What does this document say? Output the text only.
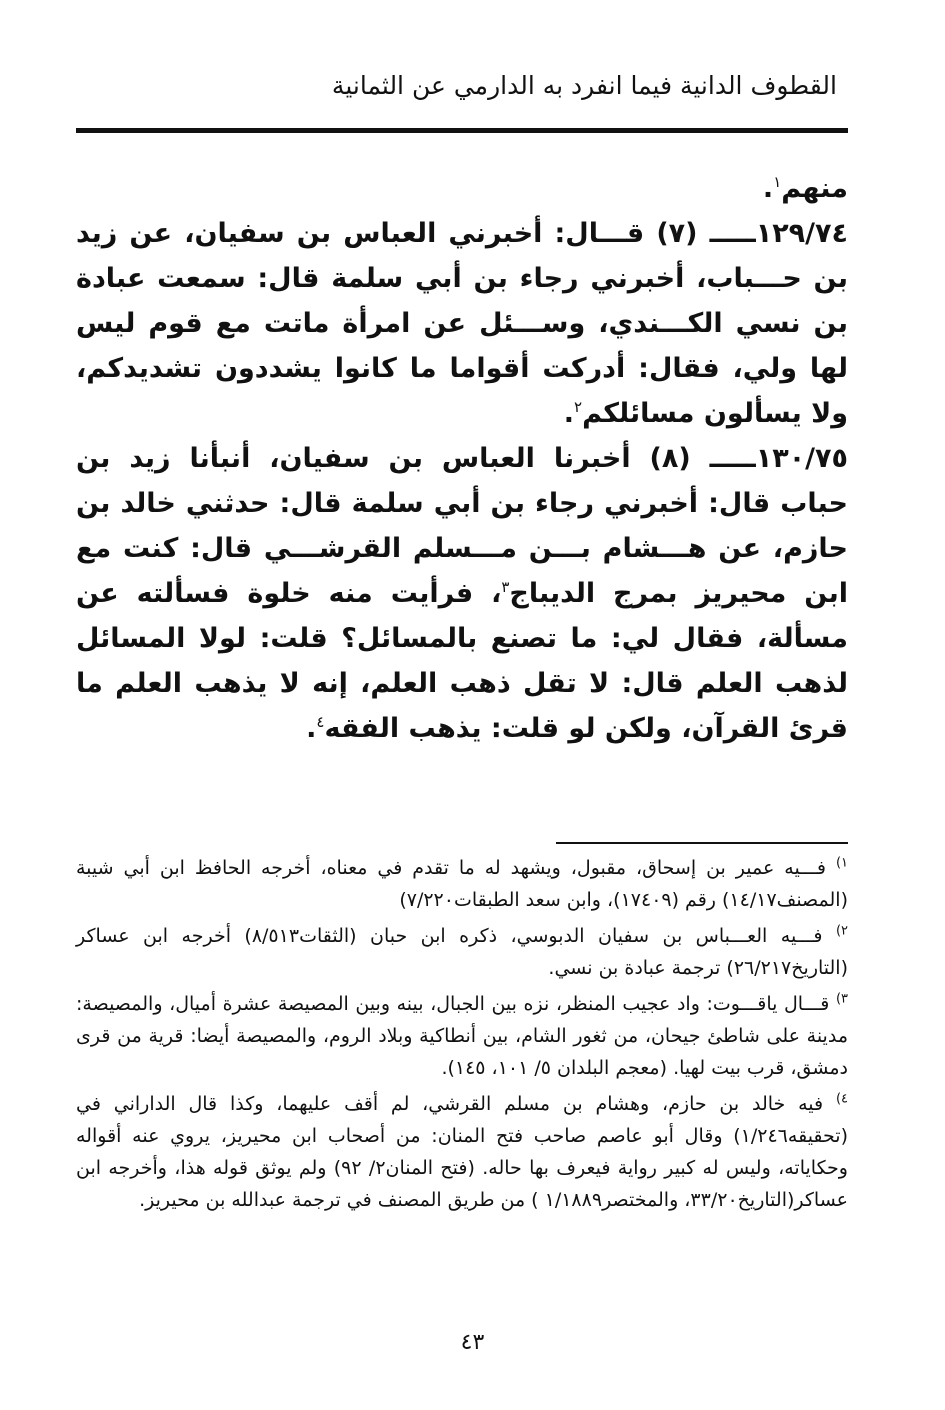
القطوف الدانية فيما انفرد به الدارمي عن الثمانية

منهم$^١$.

١٢٩/٧٤ـــــ (٧) قـــال: أخبرني العباس بن سفيان، عن زيد بن حـــباب، أخبرني رجاء بن أبي سلمة قال: سمعت عبادة بن نسي الكـــندي، وســـئل عن امرأة ماتت مع قوم ليس لها ولي، فقال: أدركت أقواما ما كانوا يشددون تشديدكم، ولا يسألون مسائلكم$^٢$.

١٣٠/٧٥ـــــ (٨) أخبرنا العباس بن سفيان، أنبأنا زيد بن حباب قال: أخبرني رجاء بن أبي سلمة قال: حدثني خالد بن حازم، عن هـــشام بـــن مـــسلم القرشـــي قال: كنت مع ابن محيريز بمرج الديباج$^٣$، فرأيت منه خلوة فسألته عن مسألة، فقال لي: ما تصنع بالمسائل؟ قلت: لولا المسائل لذهب العلم قال: لا تقل ذهب العلم، إنه لا يذهب العلم ما قرئ القرآن، ولكن لو قلت: يذهب الفقه$^٤$.

$^{١)}$ فـــيه عمير بن إسحاق، مقبول، ويشهد له ما تقدم في معناه، أخرجه الحافظ ابن أبي شيبة (المصنف١٤/١٧) رقم (١٧٤٠٩)، وابن سعد الطبقات٧/٢٢٠)

$^{٢)}$ فـــيه العـــباس بن سفيان الدبوسي، ذكره ابن حبان (الثقات٨/٥١٣) أخرجه ابن عساكر (التاريخ٢٦/٢١٧) ترجمة عبادة بن نسي.

$^{٣)}$ قـــال ياقـــوت: واد عجيب المنظر، نزه بين الجبال، بينه وبين المصيصة عشرة أميال، والمصيصة: مدينة على شاطئ جيحان، من ثغور الشام، بين أنطاكية وبلاد الروم، والمصيصة أيضا: قرية من قرى دمشق، قرب بيت لهيا. (معجم البلدان ٥/ ١٠١، ١٤٥).

$^{٤)}$ فيه خالد بن حازم، وهشام بن مسلم القرشي، لم أقف عليهما، وكذا قال الداراني في (تحقيقه١/٢٤٦) وقال أبو عاصم صاحب فتح المنان: من أصحاب ابن محيريز، يروي عنه أقواله وحكاياته، وليس له كبير رواية فيعرف بها حاله. (فتح المنان٢/ ٩٢) ولم يوثق قوله هذا، وأخرجه ابن عساكر(التاريخ٣٣/٢٠، والمختصر١/١٨٨٩ ) من طريق المصنف في ترجمة عبدالله بن محيريز.

٤٣
